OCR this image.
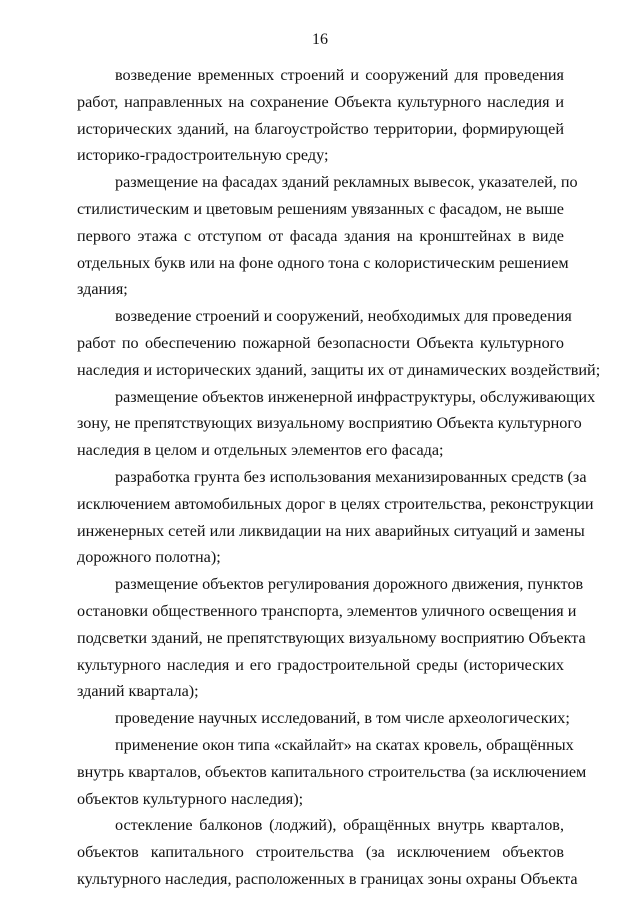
16
возведение временных строений и сооружений для проведения
работ, направленных на сохранение Объекта культурного наследия и
исторических зданий, на благоустройство территории, формирующей
историко-градостроительную среду;
размещение на фасадах зданий рекламных вывесок, указателей, по
стилистическим и цветовым решениям увязанных с фасадом, не выше
первого этажа с отступом от фасада здания на кронштейнах в виде
отдельных букв или на фоне одного тона с колористическим решением
здания;
возведение строений и сооружений, необходимых для проведения
работ по обеспечению пожарной безопасности Объекта культурного
наследия и исторических зданий, защиты их от динамических воздействий;
размещение объектов инженерной инфраструктуры, обслуживающих
зону, не препятствующих визуальному восприятию Объекта культурного
наследия в целом и отдельных элементов его фасада;
разработка грунта без использования механизированных средств (за
исключением автомобильных дорог в целях строительства, реконструкции
инженерных сетей или ликвидации на них аварийных ситуаций и замены
дорожного полотна);
размещение объектов регулирования дорожного движения, пунктов
остановки общественного транспорта, элементов уличного освещения и
подсветки зданий, не препятствующих визуальному восприятию Объекта
культурного наследия и его градостроительной среды (исторических
зданий квартала);
проведение научных исследований, в том числе археологических;
применение окон типа «скайлайт» на скатах кровель, обращённых
внутрь кварталов, объектов капитального строительства (за исключением
объектов культурного наследия);
остекление балконов (лоджий), обращённых внутрь кварталов,
объектов капитального строительства (за исключением объектов
культурного наследия, расположенных в границах зоны охраны Объекта
